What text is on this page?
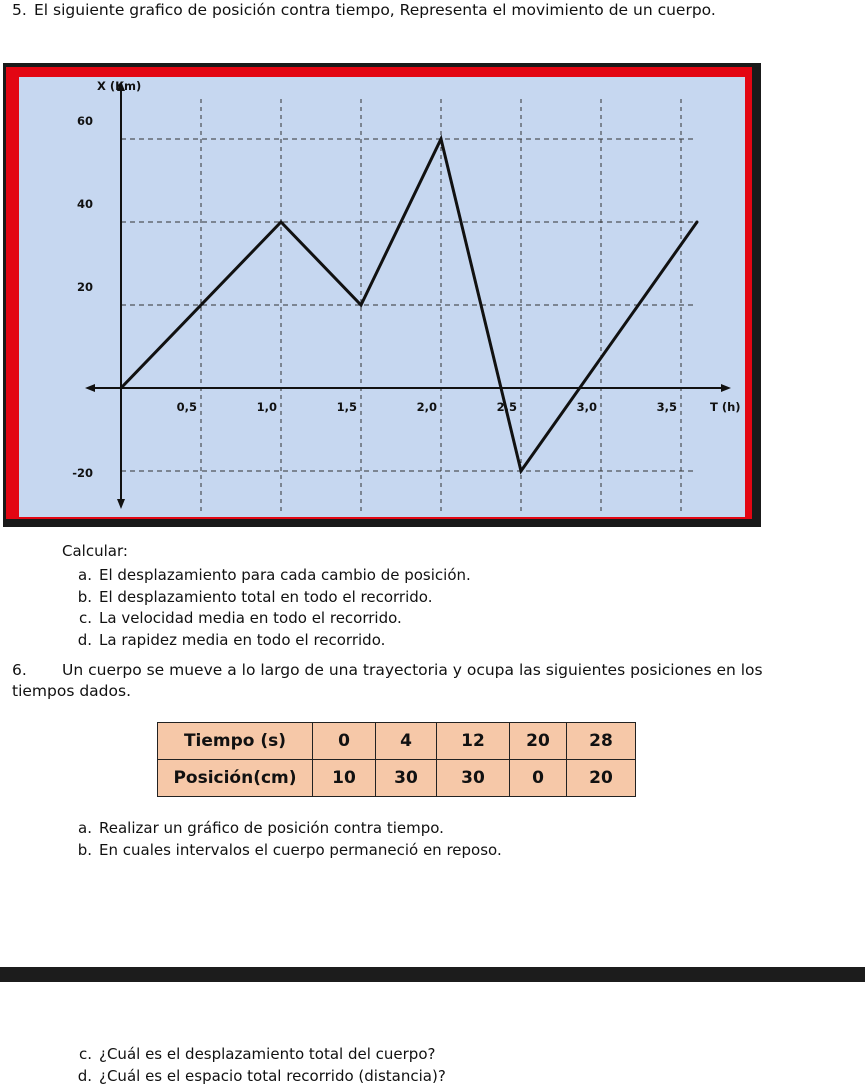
5. El siguiente grafico de posición contra tiempo, Representa el movimiento de un cuerpo.
X (Km)
T (h)
60
40
20
-20
0,5	1,0	1,5	2,0	2,5	3,0	3,5
Calcular:
a. El desplazamiento para cada cambio de posición.
b. El desplazamiento total en todo el recorrido.
c. La velocidad media en todo el recorrido.
d. La rapidez media en todo el recorrido.
6. Un cuerpo se mueve a lo largo de una trayectoria y ocupa las siguientes posiciones en los tiempos dados.
Tiempo (s)	0	4	12	20	28
Posición(cm)	10	30	30	0	20
a. Realizar un gráfico de posición contra tiempo.
b. En cuales intervalos el cuerpo permaneció en reposo.
c. ¿Cuál es el desplazamiento total del cuerpo?
d. ¿Cuál es el espacio total recorrido (distancia)?
